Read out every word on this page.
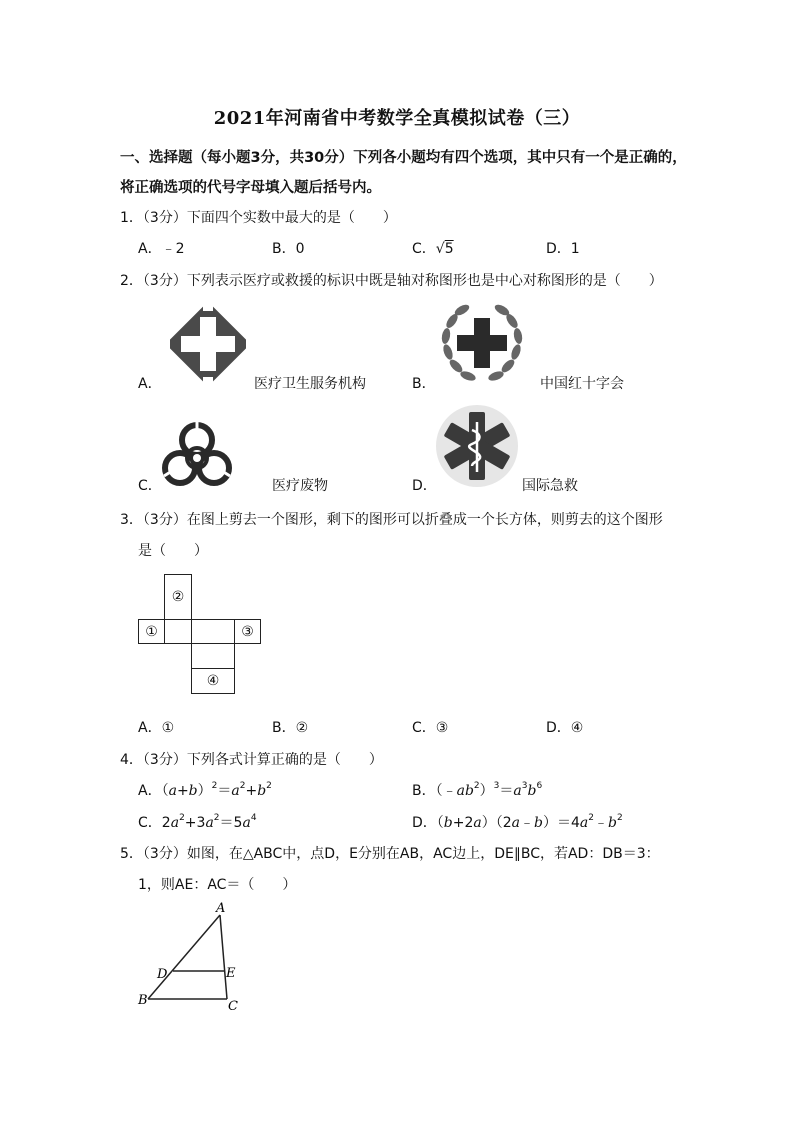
2021年河南省中考数学全真模拟试卷（三）
一、选择题（每小题3分，共30分）下列各小题均有四个选项，其中只有一个是正确的，
将正确选项的代号字母填入题后括号内。
1．（3分）下面四个实数中最大的是（　　）
A．﹣2	B．0	C．√5	D．1
2．（3分）下列表示医疗或救援的标识中既是轴对称图形也是中心对称图形的是（　　）
A．	医疗卫生服务机构	B．	中国红十字会
C．	医疗废物	D．	国际急救
3．（3分）在图上剪去一个图形，剩下的图形可以折叠成一个长方体，则剪去的这个图形
是（　　）
②
①	③
④
A．①	B．②	C．③	D．④
4．（3分）下列各式计算正确的是（　　）
A．$(a+b)^2=a^2+b^2$	B．$(﹣ab^2)^3=a^3b^6$
C．$2a^2+3a^2=5a^4$	D．$(b+2a)(2a﹣b)=4a^2﹣b^2$
5．（3分）如图，在△ABC中，点D，E分别在AB，AC边上，DE∥BC，若AD：DB＝3：
1，则AE：AC＝（　　）
A
B	C
D	E
